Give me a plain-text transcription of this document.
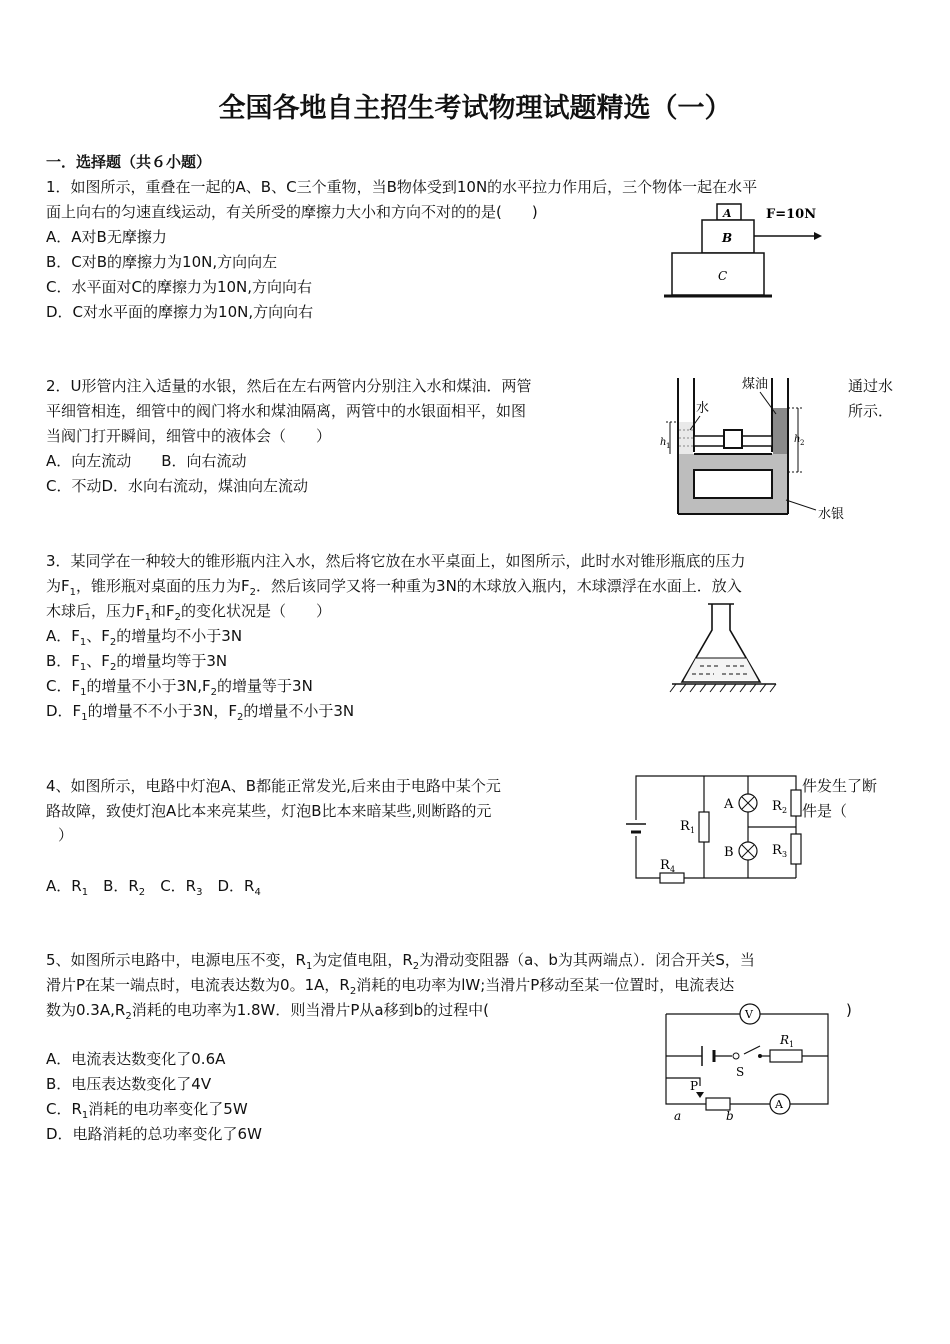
全国各地自主招生考试物理试题精选（一）
一．选择题（共６小题）
1．如图所示，重叠在一起的A、B、C三个重物，当B物体受到10N的水平拉力作用后，三个物体一起在水平
面上向右的匀速直线运动，有关所受的摩擦力大小和方向不对的的是(　　)
A．A对B无摩擦力
B．C对B的摩擦力为10N,方向向左
C．水平面对C的摩擦力为10N,方向向右
D．C对水平面的摩擦力为10N,方向向右
A
B
C
F=10N
2．U形管内注入适量的水银，然后在左右两管内分别注入水和煤油．两管	通过水
平细管相连，细管中的阀门将水和煤油隔离，两管中的水银面相平，如图	所示．
当阀门打开瞬间，细管中的液体会（　　）
A．向左流动　　B．向右流动
C．不动D．水向右流动，煤油向左流动
h 1
h 2
水
煤油
水银
3．某同学在一种较大的锥形瓶内注入水，然后将它放在水平桌面上，如图所示，此时水对锥形瓶底的压力
为$F_1$，锥形瓶对桌面的压力为$F_2$．然后该同学又将一种重为3N的木球放入瓶内，木球漂浮在水面上．放入
木球后，压力$F_1$和$F_2$的变化状况是（　　）
A．$F_1$、$F_2$的增量均不小于3N
B．$F_1$、$F_2$的增量均等于3N
C．$F_1$的增量不小于$3N,F_2$的增量等于3N
D．$F_1$的增量不不小于3N，$F_2$的增量不小于3N
4、如图所示，电路中灯泡A、B都能正常发光,后来由于电路中某个元	件发生了断
路故障，致使灯泡A比本来亮某些，灯泡B比本来暗某些,则断路的元	件是（
）
A．$R_1$　 B．$R_2$　 C．$R_3$　 D．$R_4$
R 1
R 4
A
B
R 2
R 3
5、如图所示电路中，电源电压不变，$R_1$为定值电阻，$R_2$为滑动变阻器（a、b为其两端点）．闭合开关S，当
滑片P在某一端点时，电流表达数为0。1A，$R_2$消耗的电功率为lW;当滑片P移动至某一位置时，电流表达
数为$0.3A,R_2$消耗的电功率为1.8W．则当滑片P从a移到b的过程中(	)
A．电流表达数变化了0.6A
B．电压表达数变化了4V
C．$R_1$消耗的电功率变化了5W
D．电路消耗的总功率变化了6W
V
S
R 1
P
a	b
A
